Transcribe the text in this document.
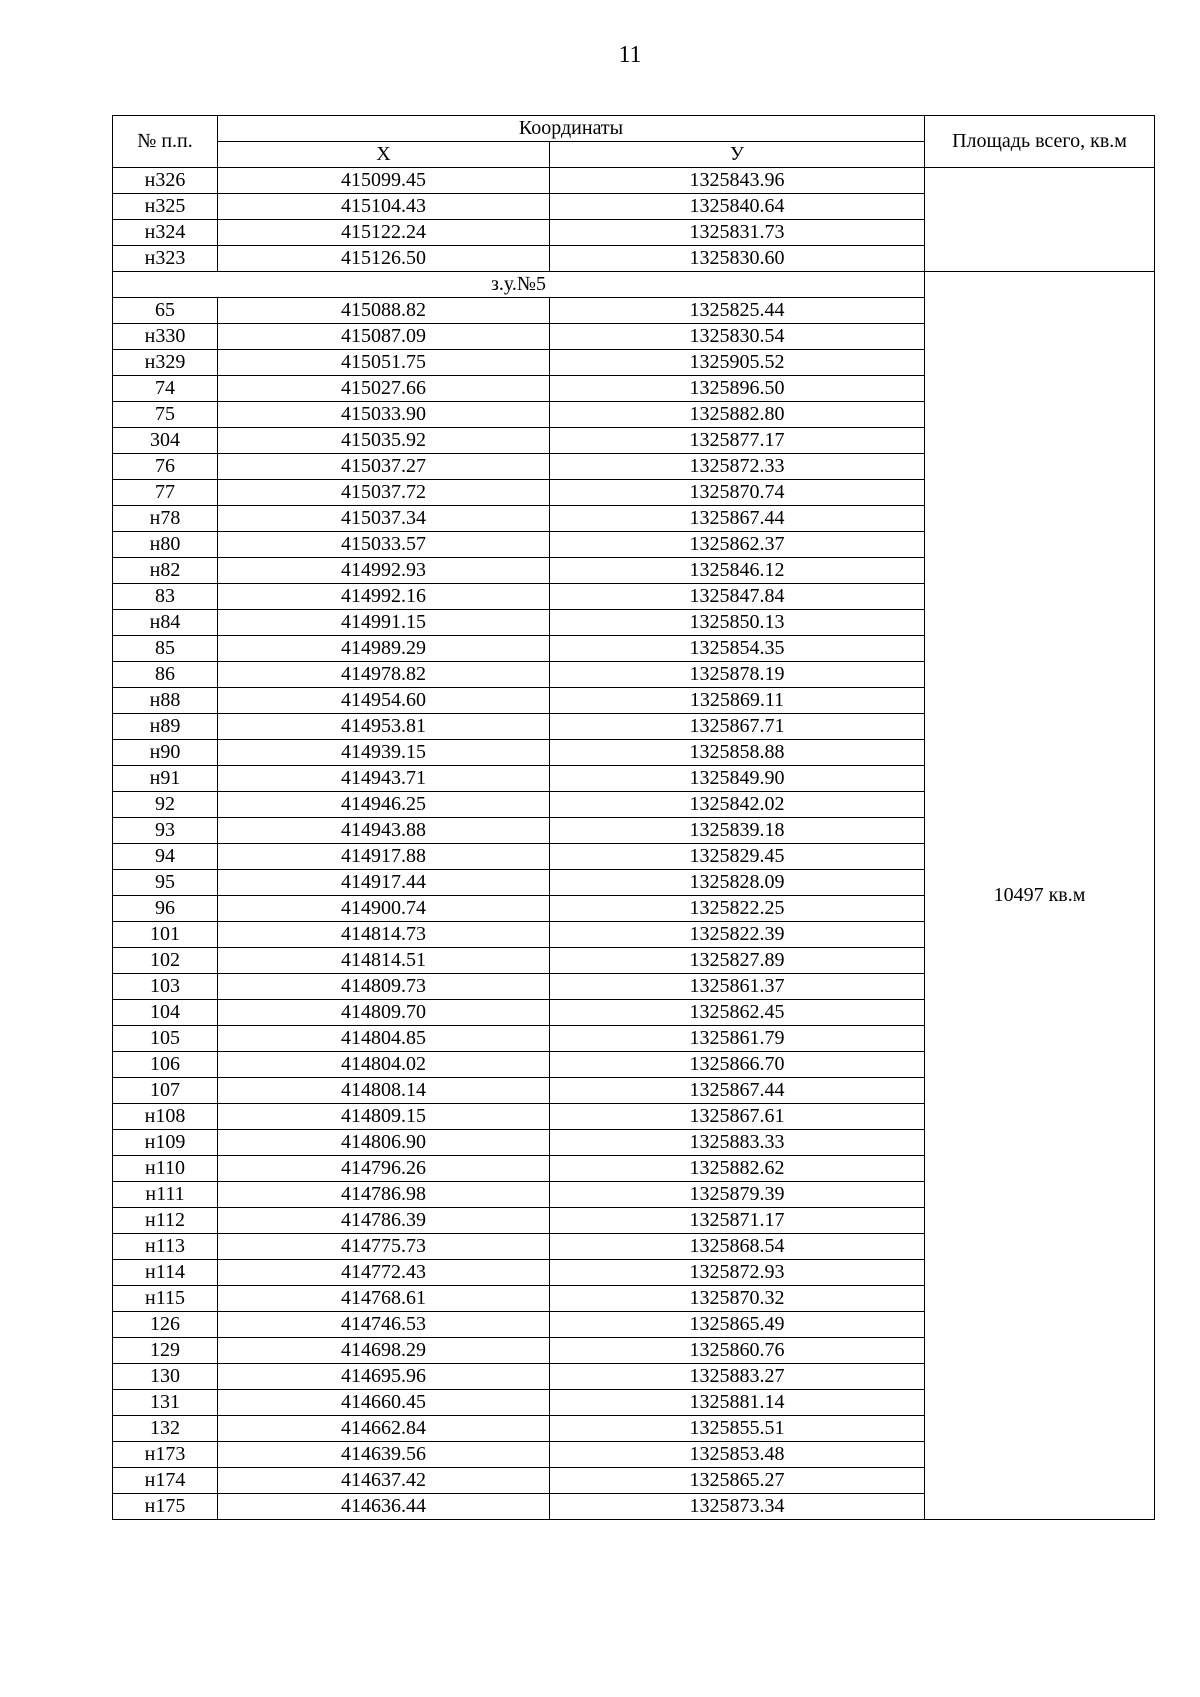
11
№ п.п.	Координаты		Площадь всего, кв.м
	X	У	
н326	415099.45	1325843.96	
н325	415104.43	1325840.64	
н324	415122.24	1325831.73	
н323	415126.50	1325830.60	
з.у.№5			10497 кв.м
65	415088.82	1325825.44	
н330	415087.09	1325830.54	
н329	415051.75	1325905.52	
74	415027.66	1325896.50	
75	415033.90	1325882.80	
304	415035.92	1325877.17	
76	415037.27	1325872.33	
77	415037.72	1325870.74	
н78	415037.34	1325867.44	
н80	415033.57	1325862.37	
н82	414992.93	1325846.12	
83	414992.16	1325847.84	
н84	414991.15	1325850.13	
85	414989.29	1325854.35	
86	414978.82	1325878.19	
н88	414954.60	1325869.11	
н89	414953.81	1325867.71	
н90	414939.15	1325858.88	
н91	414943.71	1325849.90	
92	414946.25	1325842.02	
93	414943.88	1325839.18	
94	414917.88	1325829.45	
95	414917.44	1325828.09	
96	414900.74	1325822.25	
101	414814.73	1325822.39	
102	414814.51	1325827.89	
103	414809.73	1325861.37	
104	414809.70	1325862.45	
105	414804.85	1325861.79	
106	414804.02	1325866.70	
107	414808.14	1325867.44	
н108	414809.15	1325867.61	
н109	414806.90	1325883.33	
н110	414796.26	1325882.62	
н111	414786.98	1325879.39	
н112	414786.39	1325871.17	
н113	414775.73	1325868.54	
н114	414772.43	1325872.93	
н115	414768.61	1325870.32	
126	414746.53	1325865.49	
129	414698.29	1325860.76	
130	414695.96	1325883.27	
131	414660.45	1325881.14	
132	414662.84	1325855.51	
н173	414639.56	1325853.48	
н174	414637.42	1325865.27	
н175	414636.44	1325873.34	
